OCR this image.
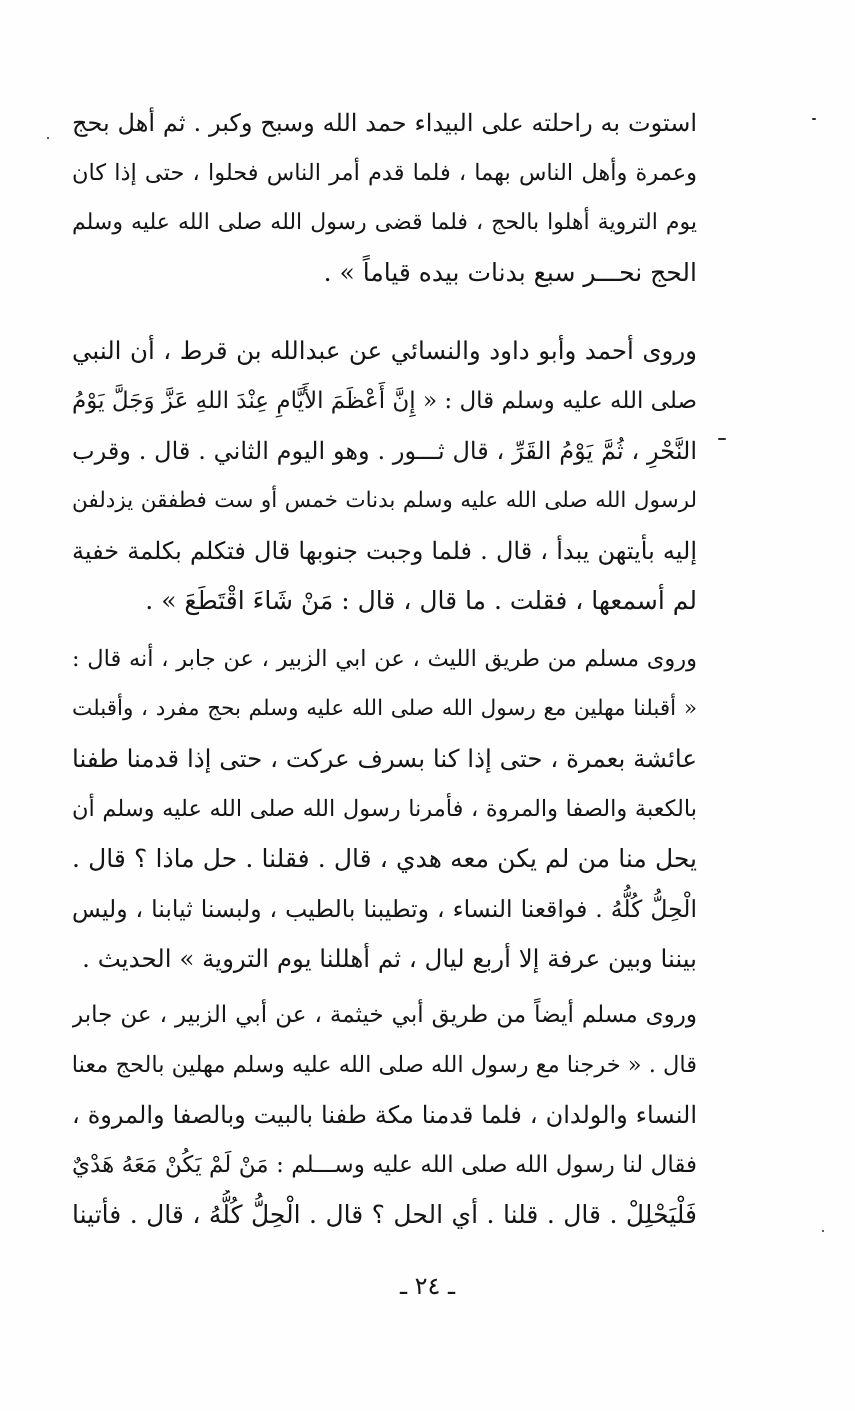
استوت به راحلته على البيداء حمد الله وسبح وكبر . ثم أهل بحج
وعمرة وأهل الناس بهما ، فلما قدم أمر الناس فحلوا ، حتى إذا كان
يوم التروية أهلوا بالحج ، فلما قضى رسول الله صلى الله عليه وسلم
الحج نحـــر سبع بدنات بيده قياماً » .
وروى أحمد وأبو داود والنسائي عن عبدالله بن قرط ، أن النبي
صلى الله عليه وسلم قال : « إِنَّ أَعْظَمَ الأَيَّامِ عِنْدَ اللهِ عَزَّ وَجَلَّ يَوْمُ
النَّحْرِ ، ثُمَّ يَوْمُ القَرِّ ، قال ثـــور . وهو اليوم الثاني . قال . وقرب
لرسول الله صلى الله عليه وسلم بدنات خمس أو ست فطفقن يزدلفن
إليه بأيتهن يبدأ ، قال . فلما وجبت جنوبها قال فتكلم بكلمة خفية
لم أسمعها ، فقلت . ما قال ، قال : مَنْ شَاءَ اقْتَطَعَ » .
وروى مسلم من طريق الليث ، عن ابي الزبير ، عن جابر ، أنه قال :
« أقبلنا مهلين مع رسول الله صلى الله عليه وسلم بحج مفرد ، وأقبلت
عائشة بعمرة ، حتى إذا كنا بسرف عركت ، حتى إذا قدمنا طفنا
بالكعبة والصفا والمروة ، فأمرنا رسول الله صلى الله عليه وسلم أن
يحل منا من لم يكن معه هدي ، قال . فقلنا . حل ماذا ؟ قال .
الْحِلُّ كُلُّهُ . فواقعنا النساء ، وتطيبنا بالطيب ، ولبسنا ثيابنا ، وليس
بيننا وبين عرفة إلا أربع ليال ، ثم أهللنا يوم التروية » الحديث .
وروى مسلم أيضاً من طريق أبي خيثمة ، عن أبي الزبير ، عن جابر
قال . « خرجنا مع رسول الله صلى الله عليه وسلم مهلين بالحج معنا
النساء والولدان ، فلما قدمنا مكة طفنا بالبيت وبالصفا والمروة ،
فقال لنا رسول الله صلى الله عليه وســـلم : مَنْ لَمْ يَكُنْ مَعَهُ هَدْيٌ
فَلْيَحْلِلْ . قال . قلنا . أي الحل ؟ قال . الْحِلُّ كُلُّهُ ، قال . فأتينا
ـ ٢٤ ـ
